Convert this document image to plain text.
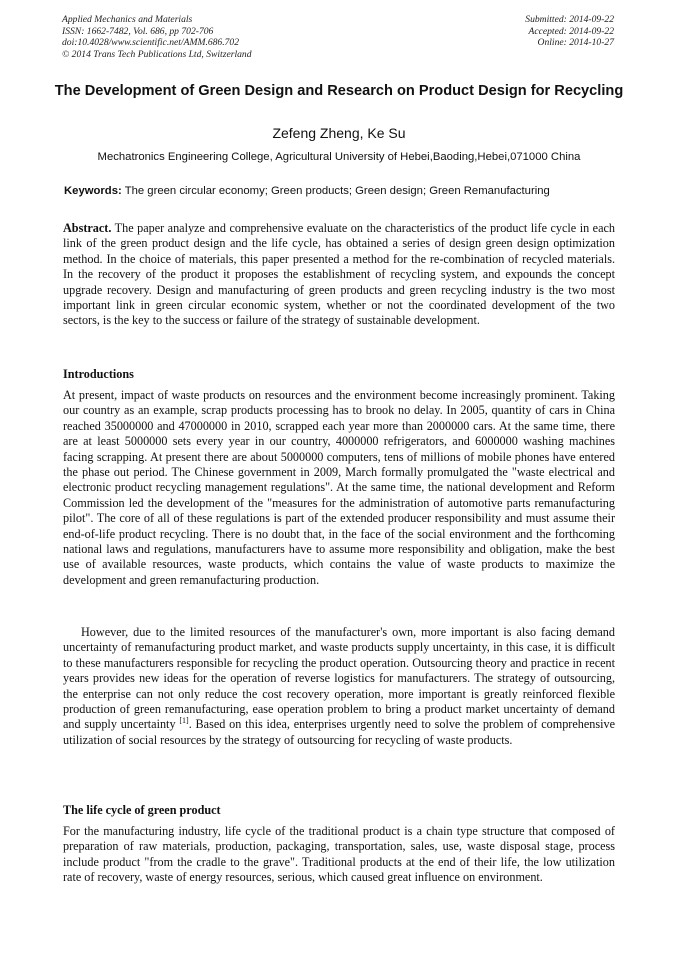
Applied Mechanics and Materials
ISSN: 1662-7482, Vol. 686, pp 702-706
doi:10.4028/www.scientific.net/AMM.686.702
© 2014 Trans Tech Publications Ltd, Switzerland
Submitted: 2014-09-22
Accepted: 2014-09-22
Online: 2014-10-27
The Development of Green Design and Research on Product Design for Recycling
Zefeng Zheng, Ke Su
Mechatronics Engineering College, Agricultural University of Hebei,Baoding,Hebei,071000 China
Keywords: The green circular economy; Green products; Green design; Green Remanufacturing
Abstract. The paper analyze and comprehensive evaluate on the characteristics of the product life cycle in each link of the green product design and the life cycle, has obtained a series of design green design optimization method. In the choice of materials, this paper presented a method for the re-combination of recycled materials. In the recovery of the product it proposes the establishment of recycling system, and expounds the concept upgrade recovery. Design and manufacturing of green products and green recycling industry is the two most important link in green circular economic system, whether or not the coordinated development of the two sectors, is the key to the success or failure of the strategy of sustainable development.
Introductions
At present, impact of waste products on resources and the environment become increasingly prominent. Taking our country as an example, scrap products processing has to brook no delay. In 2005, quantity of cars in China reached 35000000 and 47000000 in 2010, scrapped each year more than 2000000 cars. At the same time, there are at least 5000000 sets every year in our country, 4000000 refrigerators, and 6000000 washing machines facing scrapping. At present there are about 5000000 computers, tens of millions of mobile phones have entered the phase out period. The Chinese government in 2009, March formally promulgated the "waste electrical and electronic product recycling management regulations". At the same time, the national development and Reform Commission led the development of the "measures for the administration of automotive parts remanufacturing pilot". The core of all of these regulations is part of the extended producer responsibility and must assume their end-of-life product recycling. There is no doubt that, in the face of the social environment and the forthcoming national laws and regulations, manufacturers have to assume more responsibility and obligation, make the best use of available resources, waste products, which contains the value of waste products to maximize the development and green remanufacturing production.
However, due to the limited resources of the manufacturer's own, more important is also facing demand uncertainty of remanufacturing product market, and waste products supply uncertainty, in this case, it is difficult to these manufacturers responsible for recycling the product operation. Outsourcing theory and practice in recent years provides new ideas for the operation of reverse logistics for manufacturers. The strategy of outsourcing, the enterprise can not only reduce the cost recovery operation, more important is greatly reinforced flexible production of green remanufacturing, ease operation problem to bring a product market uncertainty of demand and supply uncertainty [1]. Based on this idea, enterprises urgently need to solve the problem of comprehensive utilization of social resources by the strategy of outsourcing for recycling of waste products.
The life cycle of green product
For the manufacturing industry, life cycle of the traditional product is a chain type structure that composed of preparation of raw materials, production, packaging, transportation, sales, use, waste disposal stage, process include product "from the cradle to the grave". Traditional products at the end of their life, the low utilization rate of recovery, waste of energy resources, serious, which caused great influence on environment.
